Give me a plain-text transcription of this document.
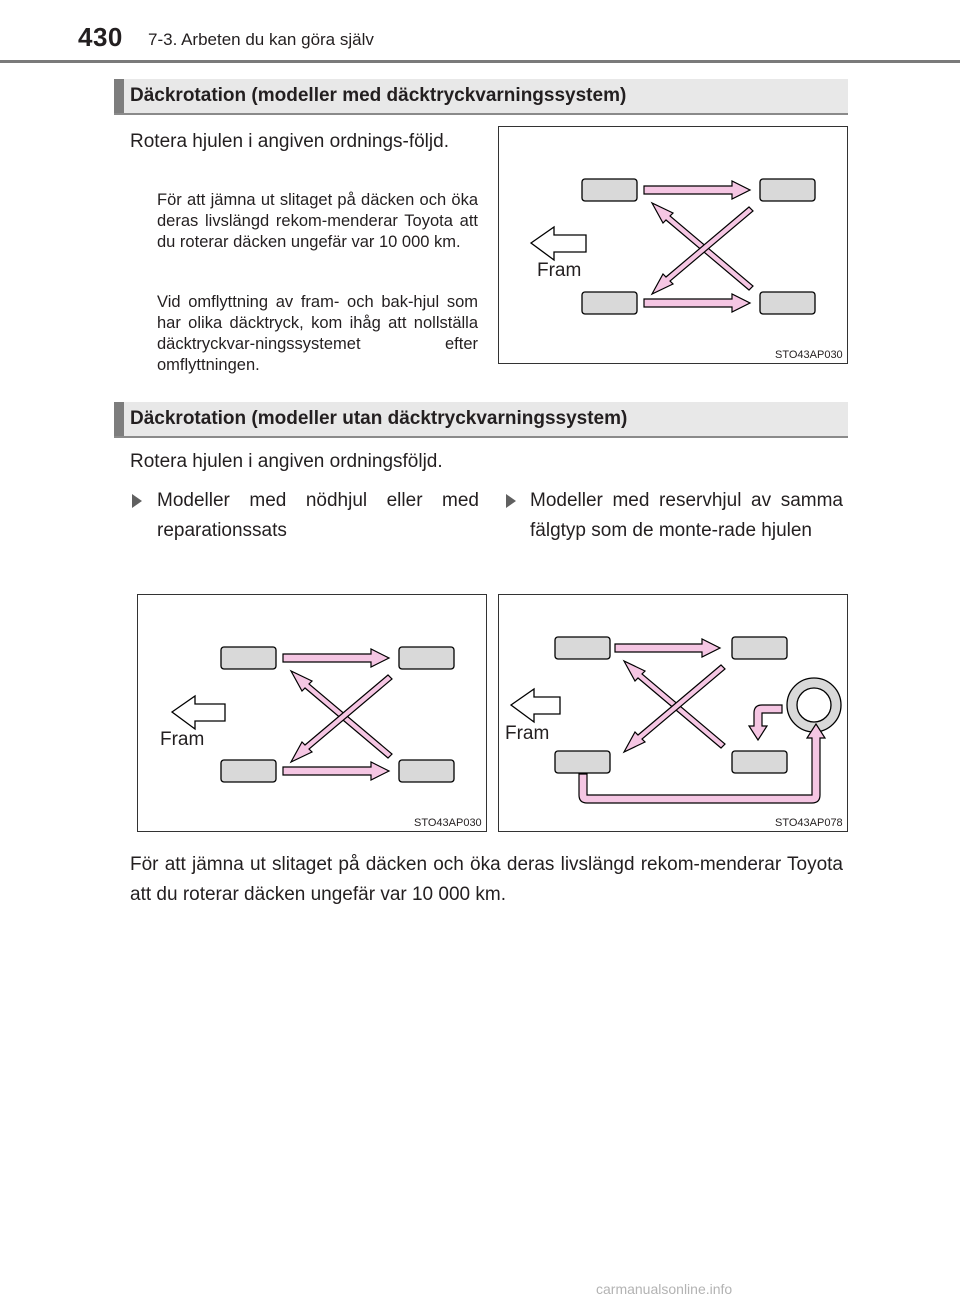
430 7-3. Arbeten du kan göra själv
Däckrotation (modeller med däcktryckvarningssystem)
Rotera hjulen i angiven ordnings-följd.
För att jämna ut slitaget på däcken och öka deras livslängd rekom-menderar Toyota att du roterar däcken ungefär var 10 000 km.
Vid omflyttning av fram- och bak-hjul som har olika däcktryck, kom ihåg att nollställa däcktryckvar-ningssystemet efter omflyttningen.
Fram
STO43AP030
Däckrotation (modeller utan däcktryckvarningssystem)
Rotera hjulen i angiven ordningsföljd.
Modeller med nödhjul eller med reparationssats
Modeller med reservhjul av samma fälgtyp som de monte-rade hjulen
Fram
STO43AP030
Fram
STO43AP078
För att jämna ut slitaget på däcken och öka deras livslängd rekom-menderar Toyota att du roterar däcken ungefär var 10 000 km.
carmanualsonline.info
